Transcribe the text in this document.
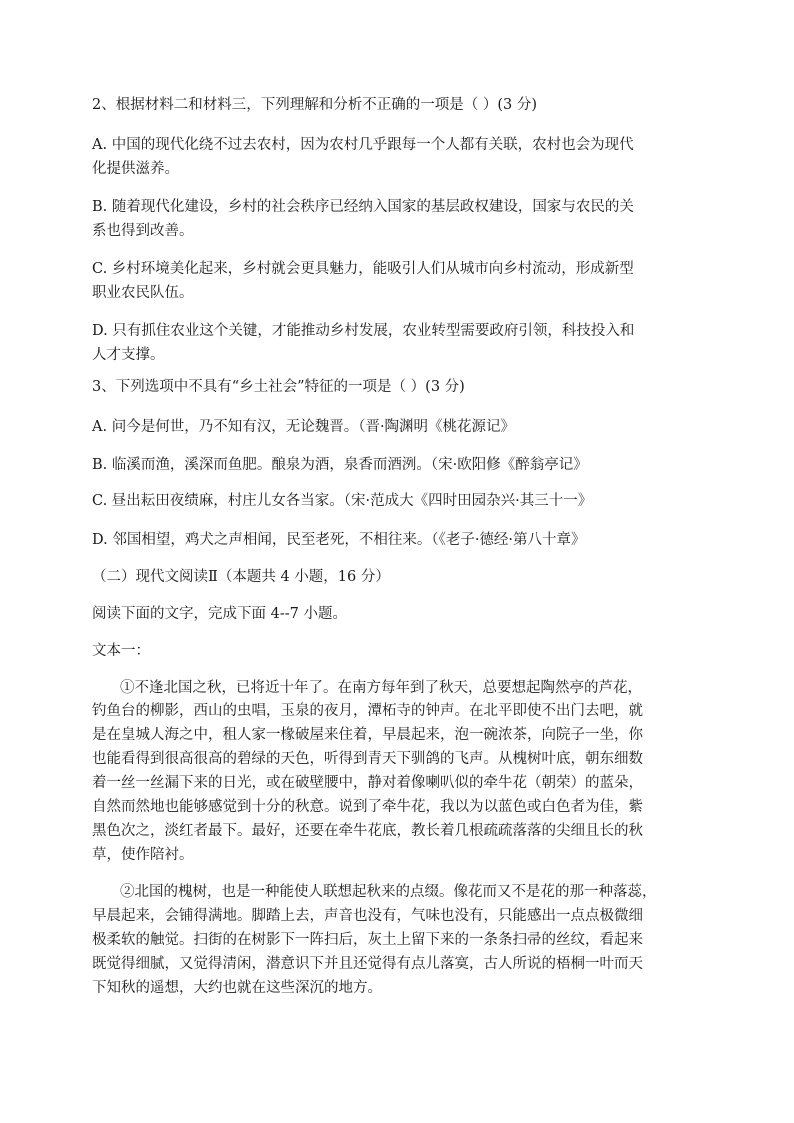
2、根据材料二和材料三，下列理解和分析不正确的一项是（ ）(3 分)
A. 中国的现代化绕不过去农村，因为农村几乎跟每一个人都有关联，农村也会为现代
化提供滋养。
B. 随着现代化建设，乡村的社会秩序已经纳入国家的基层政权建设，国家与农民的关
系也得到改善。
C. 乡村环境美化起来，乡村就会更具魅力，能吸引人们从城市向乡村流动，形成新型
职业农民队伍。
D. 只有抓住农业这个关键，才能推动乡村发展，农业转型需要政府引领，科技投入和
人才支撑。
3、下列选项中不具有“乡土社会”特征的一项是（ ）(3 分)
A. 问今是何世，乃不知有汉，无论魏晋。（晋·陶渊明《桃花源记》
B. 临溪而渔，溪深而鱼肥。酿泉为酒，泉香而酒洌。（宋·欧阳修《醉翁亭记》
C. 昼出耘田夜绩麻，村庄儿女各当家。（宋·范成大《四时田园杂兴·其三十一》
D. 邻国相望，鸡犬之声相闻，民至老死，不相往来。（《老子·德经·第八十章》
（二）现代文阅读Ⅱ（本题共 4 小题，16 分）
阅读下面的文字，完成下面 4--7 小题。
文本一：
①不逢北国之秋，已将近十年了。在南方每年到了秋天，总要想起陶然亭的芦花，
钓鱼台的柳影，西山的虫唱，玉泉的夜月，潭柘寺的钟声。在北平即使不出门去吧，就
是在皇城人海之中，租人家一椽破屋来住着，早晨起来，泡一碗浓茶，向院子一坐，你
也能看得到很高很高的碧绿的天色，听得到青天下驯鸽的飞声。从槐树叶底，朝东细数
着一丝一丝漏下来的日光，或在破壁腰中，静对着像喇叭似的牵牛花（朝荣）的蓝朵，
自然而然地也能够感觉到十分的秋意。说到了牵牛花，我以为以蓝色或白色者为佳，紫
黑色次之，淡红者最下。最好，还要在牵牛花底，教长着几根疏疏落落的尖细且长的秋
草，使作陪衬。
②北国的槐树，也是一种能使人联想起秋来的点缀。像花而又不是花的那一种落蕊，
早晨起来，会铺得满地。脚踏上去，声音也没有，气味也没有，只能感出一点点极微细
极柔软的触觉。扫街的在树影下一阵扫后，灰土上留下来的一条条扫帚的丝纹，看起来
既觉得细腻，又觉得清闲，潜意识下并且还觉得有点儿落寞，古人所说的梧桐一叶而天
下知秋的遥想，大约也就在这些深沉的地方。
